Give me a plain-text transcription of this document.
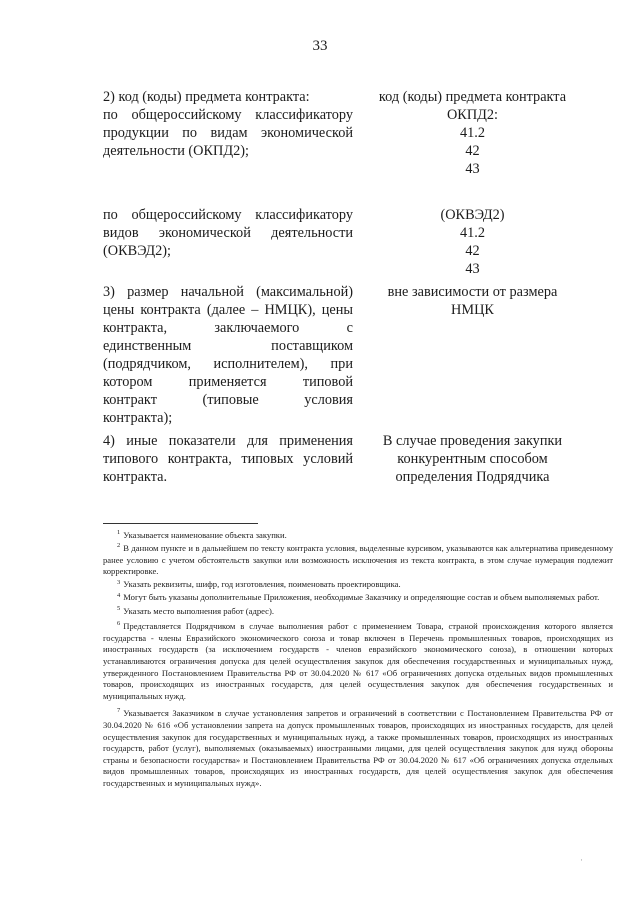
33
2) код (коды) предмета контракта:
по общероссийскому классификатору
продукции по видам экономической
деятельности (ОКПД2);
код (коды) предмета контракта
ОКПД2:
41.2
42
43
по общероссийскому классификатору
видов экономической деятельности
(ОКВЭД2);
(ОКВЭД2)
41.2
42
43
3) размер начальной (максимальной)
цены контракта (далее – НМЦК), цены
контракта, заключаемого с
единственным поставщиком
(подрядчиком, исполнителем), при
котором применяется типовой
контракт (типовые условия
контракта);
вне зависимости от размера
НМЦК
4) иные показатели для применения
типового контракта, типовых условий
контракта.
В случае проведения закупки
конкурентным способом
определения Подрядчика

$^1$ Указывается наименование объекта закупки.

$^2$ В данном пункте и в дальнейшем по тексту контракта условия, выделенные курсивом, указываются как альтернатива приведенному ранее условию с учетом обстоятельств закупки или возможность исключения из текста контракта, в этом случае нумерация подлежит корректировке.

$^3$ Указать реквизиты, шифр, год изготовления, поименовать проектировщика.

$^4$ Могут быть указаны дополнительные Приложения, необходимые Заказчику и определяющие состав и объем выполняемых работ.

$^5$ Указать место выполнения работ (адрес).

$^6$ Представляется Подрядчиком в случае выполнения работ с применением Товара, страной происхождения которого является государства - члены Евразийского экономического союза и товар включен в Перечень промышленных товаров, происходящих из иностранных государств (за исключением государств - членов евразийского экономического союза), в отношении которых устанавливаются ограничения допуска для целей осуществления закупок для обеспечения государственных и муниципальных нужд, утвержденного Постановлением Правительства РФ от 30.04.2020 № 617 «Об ограничениях допуска отдельных видов промышленных товаров, происходящих из иностранных государств, для целей осуществления закупок для обеспечения государственных и муниципальных нужд.

$^7$ Указывается Заказчиком в случае установления запретов и ограничений в соответствии с Постановлением Правительства РФ от 30.04.2020 № 616 «Об установлении запрета на допуск промышленных товаров, происходящих из иностранных государств, для целей осуществления закупок для государственных и муниципальных нужд, а также промышленных товаров, происходящих из иностранных государств, работ (услуг), выполняемых (оказываемых) иностранными лицами, для целей осуществления закупок для нужд обороны страны и безопасности государства» и Постановлением Правительства РФ от 30.04.2020 № 617 «Об ограничениях допуска отдельных видов промышленных товаров, происходящих из иностранных государств, для целей осуществления закупок для обеспечения государственных и муниципальных нужд».

·
